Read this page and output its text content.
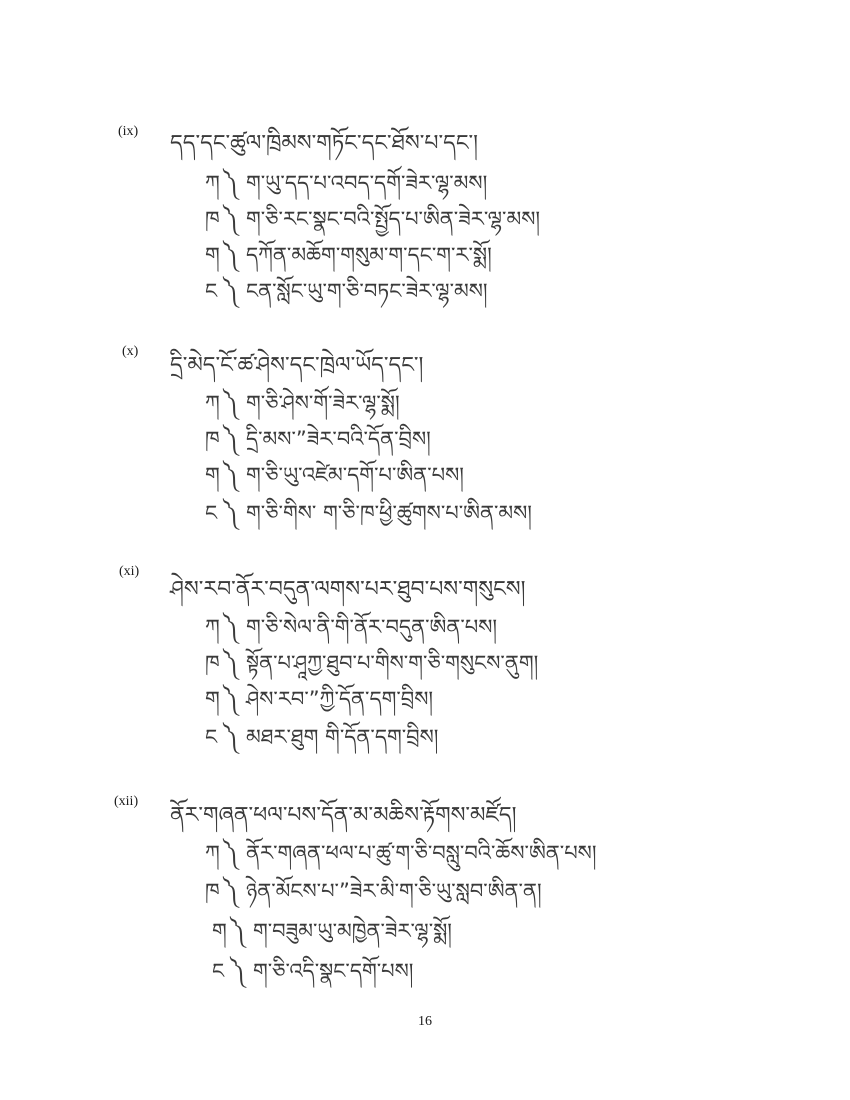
(ix) དད་དང་ཚུལ་ཁྲིམས་གཏོང་དང་ཐོས་པ་དང་།
ཀ ༽ ག་ཡུ་དད་པ་འབད་དགོ་ཟེར་ལྷ་མས།
ཁ ༽ ག་ཅི་རང་སྣང་བའི་སྤྱོད་པ་ཨིན་ཟེར་ལྷ་མས།
ག ༽ དཀོན་མཆོག་གསུམ་ག་དང་ག་ར་སྨོ།
ང ༽ ངན་སློང་ཡུ་ག་ཅི་བཏང་ཟེར་ལྷ་མས།
(x)
དྲི་མེད་ངོ་ཚ་ཤེས་དང་ཁྲེལ་ཡོད་དང་།
ཀ ༽ ག་ཅི་ཤེས་གོ་ཟེར་ལྷ་སྨོ།
ཁ ༽ དྲི་མས་”ཟེར་བའི་དོན་བྲིས།
ག ༽ ག་ཅི་ཡུ་འཛེམ་དགོ་པ་ཨིན་པས།
ང ༽ ག་ཅི་གིས་ ག་ཅི་ཁ་ཕྱི་ཚུགས་པ་ཨིན་མས།
(xi)
ཤེས་རབ་ནོར་བདུན་ལགས་པར་ཐུབ་པས་གསུངས།
ཀ ༽ ག་ཅི་སེལ་ནི་གི་ནོར་བདུན་ཨིན་པས།
ཁ ༽ སྟོན་པ་ཤཱཀྱ་ཐུབ་པ་གིས་ག་ཅི་གསུངས་ནུག།
ག ༽ ཤེས་རབ་”ཀྱི་དོན་དག་བྲིས།
ང ༽ མཐར་ཐུག གི་དོན་དག་བྲིས།
(xii)
ནོར་གཞན་ཕལ་པས་དོན་མ་མཆིས་རྟོགས་མཛོད།
ཀ ༽ ནོར་གཞན་ཕལ་པ་ཚུ་ག་ཅི་བསླུ་བའི་ཆོས་ཨིན་པས།
ཁ ༽ ཉེན་མོངས་པ་”ཟེར་མི་ག་ཅི་ཡུ་སླབ་ཨིན་ན།
ག ༽ ག་བཟུམ་ཡུ་མཁྱེན་ཟེར་ལྷ་སྨོ།
ང ༽ ག་ཅི་འདི་སྣང་དགོ་པས།
16
